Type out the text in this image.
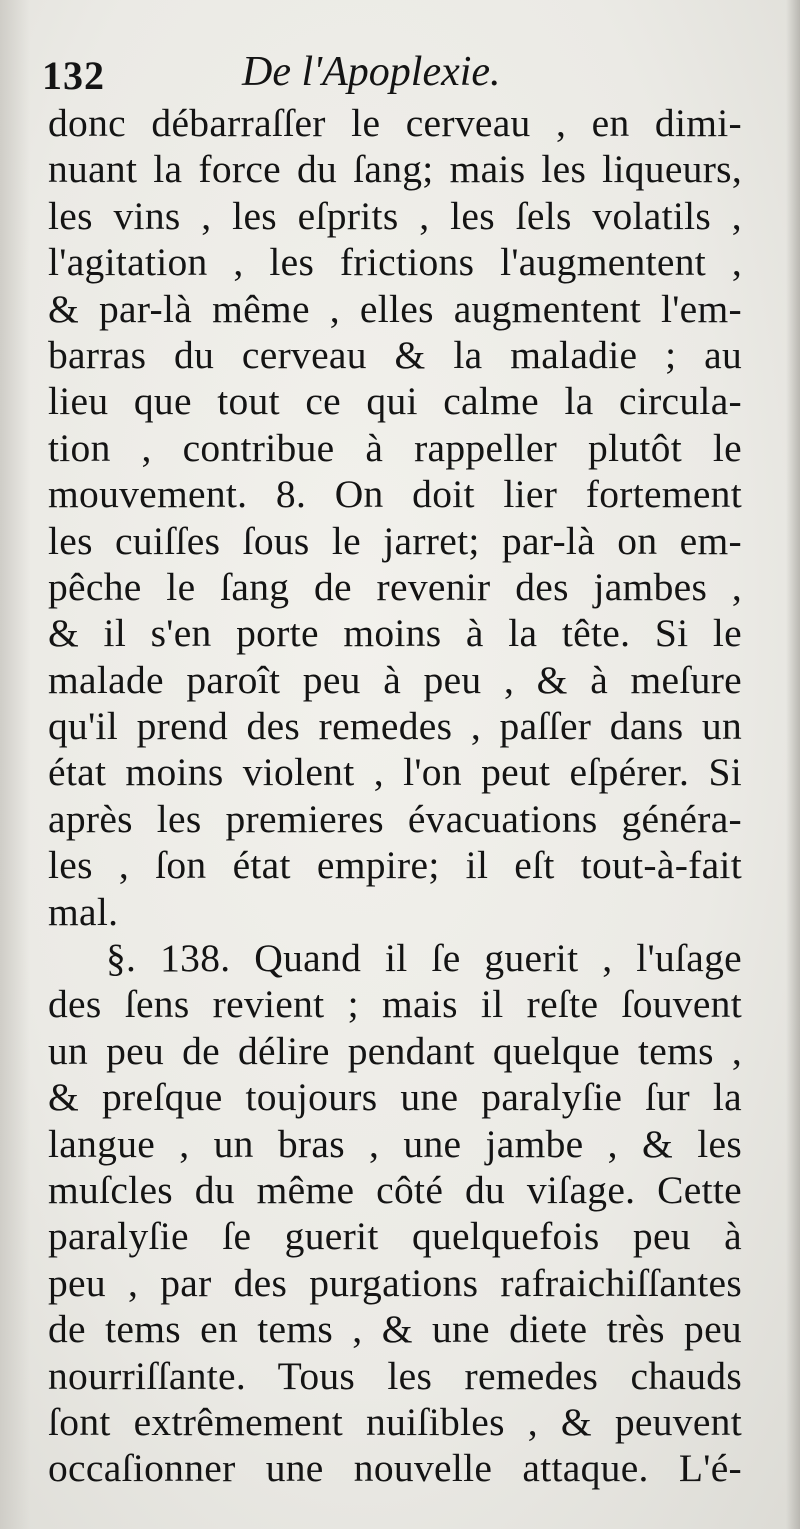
132	De l'Apoplexie.
donc débarraſſer le cerveau , en dimi-
nuant la force du ſang; mais les liqueurs,
les vins , les eſprits , les ſels volatils ,
l'agitation , les frictions l'augmentent ,
& par-là même , elles augmentent l'em-
barras du cerveau & la maladie ; au
lieu que tout ce qui calme la circula-
tion , contribue à rappeller plutôt le
mouvement. 8. On doit lier fortement
les cuiſſes ſous le jarret; par-là on em-
pêche le ſang de revenir des jambes ,
& il s'en porte moins à la tête. Si le
malade paroît peu à peu , & à meſure
qu'il prend des remedes , paſſer dans un
état moins violent , l'on peut eſpérer. Si
après les premieres évacuations généra-
les , ſon état empire; il eſt tout-à-fait
mal.
§. 138. Quand il ſe guerit , l'uſage
des ſens revient ; mais il reſte ſouvent
un peu de délire pendant quelque tems ,
& preſque toujours une paralyſie ſur la
langue , un bras , une jambe , & les
muſcles du même côté du viſage. Cette
paralyſie ſe guerit quelquefois peu à
peu , par des purgations rafraichiſſantes
de tems en tems , & une diete très peu
nourriſſante. Tous les remedes chauds
ſont extrêmement nuiſibles , & peuvent
occaſionner une nouvelle attaque. L'é-
